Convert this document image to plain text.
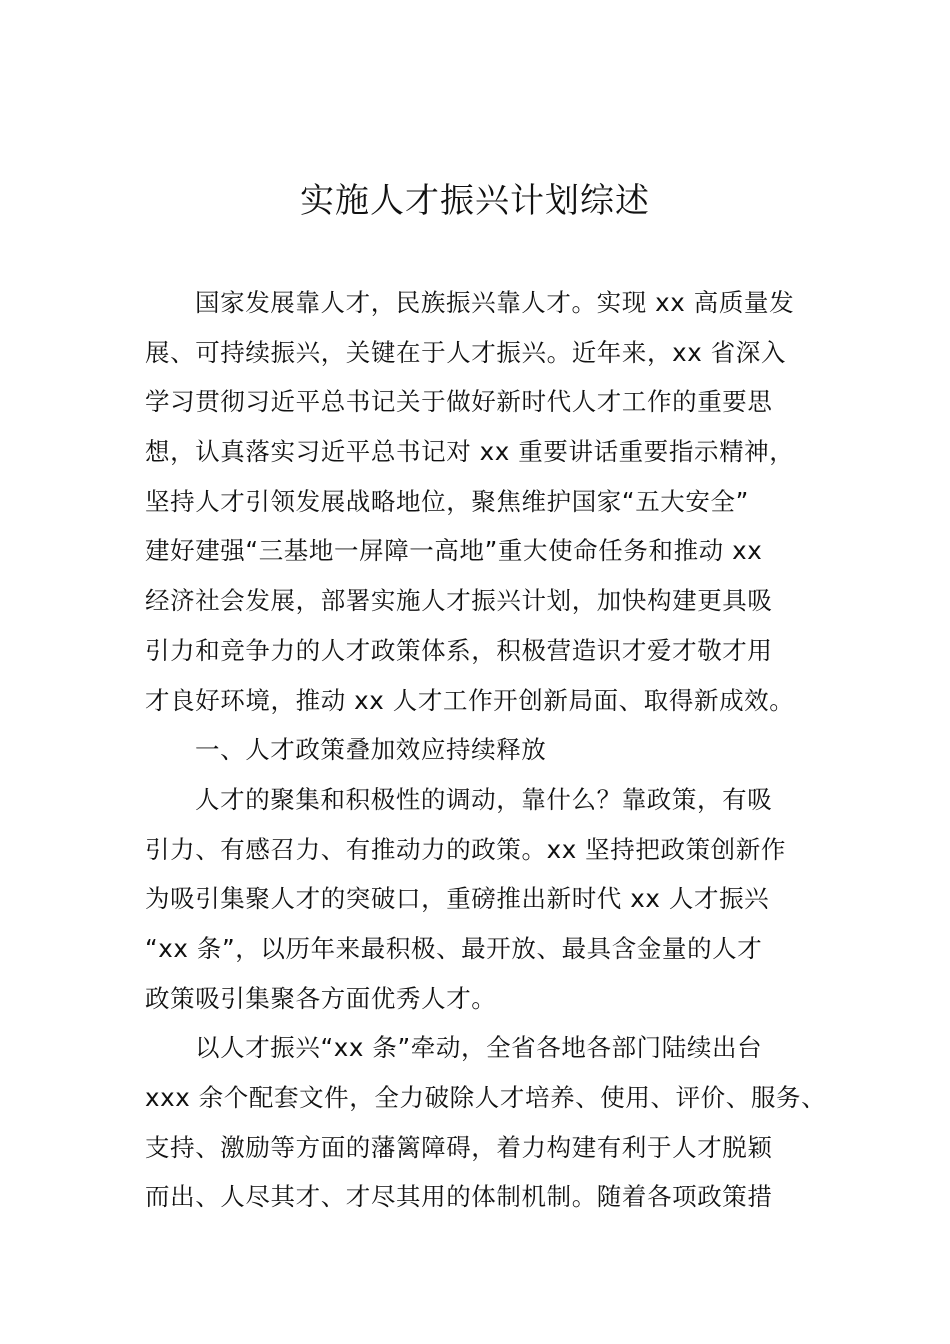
实施人才振兴计划综述
国家发展靠人才，民族振兴靠人才。实现 xx 高质量发
展、可持续振兴，关键在于人才振兴。近年来，xx 省深入
学习贯彻习近平总书记关于做好新时代人才工作的重要思
想，认真落实习近平总书记对 xx 重要讲话重要指示精神，
坚持人才引领发展战略地位，聚焦维护国家“五大安全”
建好建强“三基地一屏障一高地”重大使命任务和推动 xx
经济社会发展，部署实施人才振兴计划，加快构建更具吸
引力和竞争力的人才政策体系，积极营造识才爱才敬才用
才良好环境，推动 xx 人才工作开创新局面、取得新成效。
一、人才政策叠加效应持续释放
人才的聚集和积极性的调动，靠什么？靠政策，有吸
引力、有感召力、有推动力的政策。xx 坚持把政策创新作
为吸引集聚人才的突破口，重磅推出新时代 xx 人才振兴
“xx 条”，以历年来最积极、最开放、最具含金量的人才
政策吸引集聚各方面优秀人才。
以人才振兴“xx 条”牵动，全省各地各部门陆续出台
xxx 余个配套文件，全力破除人才培养、使用、评价、服务、
支持、激励等方面的藩篱障碍，着力构建有利于人才脱颖
而出、人尽其才、才尽其用的体制机制。随着各项政策措
